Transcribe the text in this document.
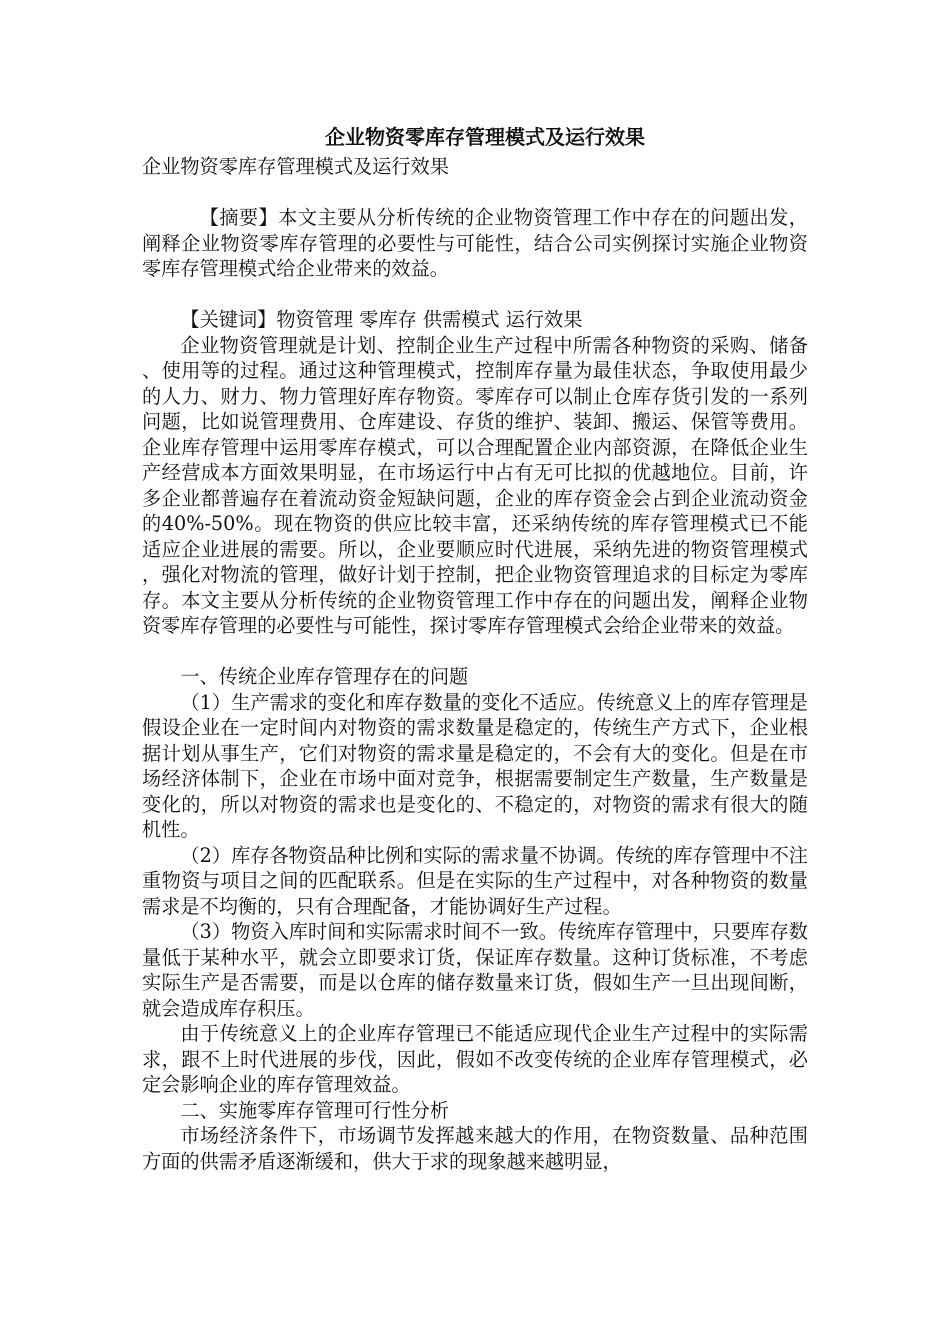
企业物资零库存管理模式及运行效果

企业物资零库存管理模式及运行效果

【摘要】本文主要从分析传统的企业物资管理工作中存在的问题出发，阐释企业物资零库存管理的必要性与可能性，结合公司实例探讨实施企业物资零库存管理模式给企业带来的效益。

【关键词】物资管理 零库存 供需模式 运行效果

企业物资管理就是计划、控制企业生产过程中所需各种物资的采购、储备、使用等的过程。通过这种管理模式，控制库存量为最佳状态，争取使用最少的人力、财力、物力管理好库存物资。零库存可以制止仓库存货引发的一系列问题，比如说管理费用、仓库建设、存货的维护、装卸、搬运、保管等费用。企业库存管理中运用零库存模式，可以合理配置企业内部资源，在降低企业生产经营成本方面效果明显，在市场运行中占有无可比拟的优越地位。目前，许多企业都普遍存在着流动资金短缺问题，企业的库存资金会占到企业流动资金的40%-50%。现在物资的供应比较丰富，还采纳传统的库存管理模式已不能适应企业进展的需要。所以，企业要顺应时代进展，采纳先进的物资管理模式，强化对物流的管理，做好计划于控制，把企业物资管理追求的目标定为零库存。本文主要从分析传统的企业物资管理工作中存在的问题出发，阐释企业物资零库存管理的必要性与可能性，探讨零库存管理模式会给企业带来的效益。

一、传统企业库存管理存在的问题

（1）生产需求的变化和库存数量的变化不适应。传统意义上的库存管理是假设企业在一定时间内对物资的需求数量是稳定的，传统生产方式下，企业根据计划从事生产，它们对物资的需求量是稳定的，不会有大的变化。但是在市场经济体制下，企业在市场中面对竞争，根据需要制定生产数量，生产数量是变化的，所以对物资的需求也是变化的、不稳定的，对物资的需求有很大的随机性。

（2）库存各物资品种比例和实际的需求量不协调。传统的库存管理中不注重物资与项目之间的匹配联系。但是在实际的生产过程中，对各种物资的数量需求是不均衡的，只有合理配备，才能协调好生产过程。

（3）物资入库时间和实际需求时间不一致。传统库存管理中，只要库存数量低于某种水平，就会立即要求订货，保证库存数量。这种订货标准，不考虑实际生产是否需要，而是以仓库的储存数量来订货，假如生产一旦出现间断，就会造成库存积压。

由于传统意义上的企业库存管理已不能适应现代企业生产过程中的实际需求，跟不上时代进展的步伐，因此，假如不改变传统的企业库存管理模式，必定会影响企业的库存管理效益。

二、实施零库存管理可行性分析

市场经济条件下，市场调节发挥越来越大的作用，在物资数量、品种范围方面的供需矛盾逐渐缓和，供大于求的现象越来越明显，
